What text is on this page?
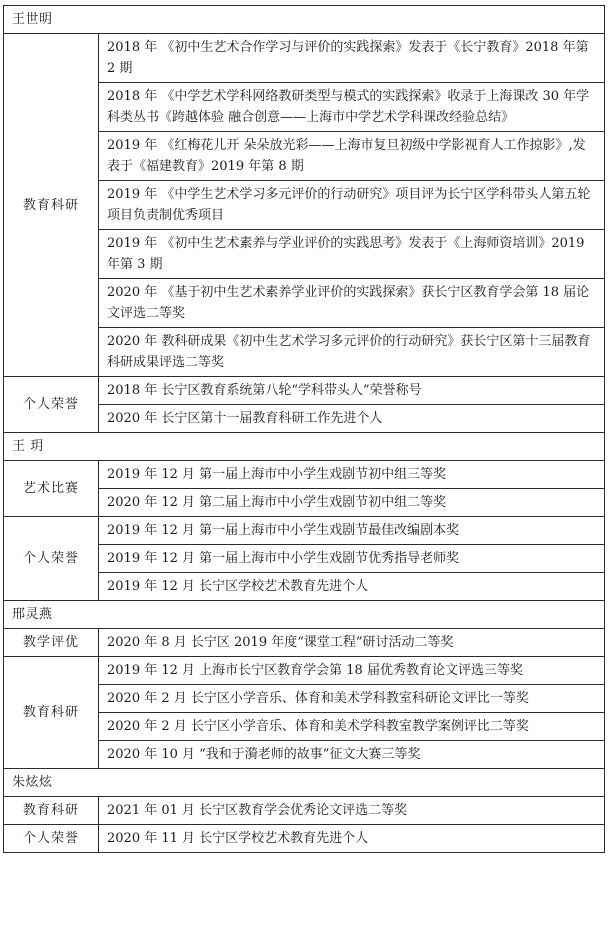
王世明	
教育科研	2018 年 《初中生艺术合作学习与评价的实践探索》发表于《长宁教育》2018 年第 2 期
	2018 年 《中学艺术学科网络教研类型与模式的实践探索》收录于上海课改 30 年学科类丛书《跨越体验 融合创意——上海市中学艺术学科课改经验总结》
	2019 年 《红梅花儿开 朵朵放光彩——上海市复旦初级中学影视育人工作掠影》,发表于《福建教育》2019 年第 8 期
	2019 年 《中学生艺术学习多元评价的行动研究》项目评为长宁区学科带头人第五轮项目负责制优秀项目
	2019 年 《初中生艺术素养与学业评价的实践思考》发表于《上海师资培训》2019 年第 3 期
	2020 年 《基于初中生艺术素养学业评价的实践探索》获长宁区教育学会第 18 届论文评选二等奖
	2020 年 教科研成果《初中生艺术学习多元评价的行动研究》获长宁区第十三届教育科研成果评选二等奖
个人荣誉	2018 年 长宁区教育系统第八轮“学科带头人”荣誉称号
	2020 年 长宁区第十一届教育科研工作先进个人
王 玥	
艺术比赛	2019 年 12 月 第一届上海市中小学生戏剧节初中组三等奖
	2020 年 12 月 第二届上海市中小学生戏剧节初中组二等奖
个人荣誉	2019 年 12 月 第一届上海市中小学生戏剧节最佳改编剧本奖
	2019 年 12 月 第一届上海市中小学生戏剧节优秀指导老师奖
	2019 年 12 月 长宁区学校艺术教育先进个人
邢灵燕	
教学评优	2020 年 8 月 长宁区 2019 年度“课堂工程”研讨活动二等奖
教育科研	2019 年 12 月 上海市长宁区教育学会第 18 届优秀教育论文评选三等奖
	2020 年 2 月 长宁区小学音乐、体育和美术学科教室科研论文评比一等奖
	2020 年 2 月 长宁区小学音乐、体育和美术学科教室教学案例评比二等奖
	2020 年 10 月 “我和于漪老师的故事”征文大赛三等奖
朱炫炫	
教育科研	2021 年 01 月 长宁区教育学会优秀论文评选二等奖
个人荣誉	2020 年 11 月 长宁区学校艺术教育先进个人
